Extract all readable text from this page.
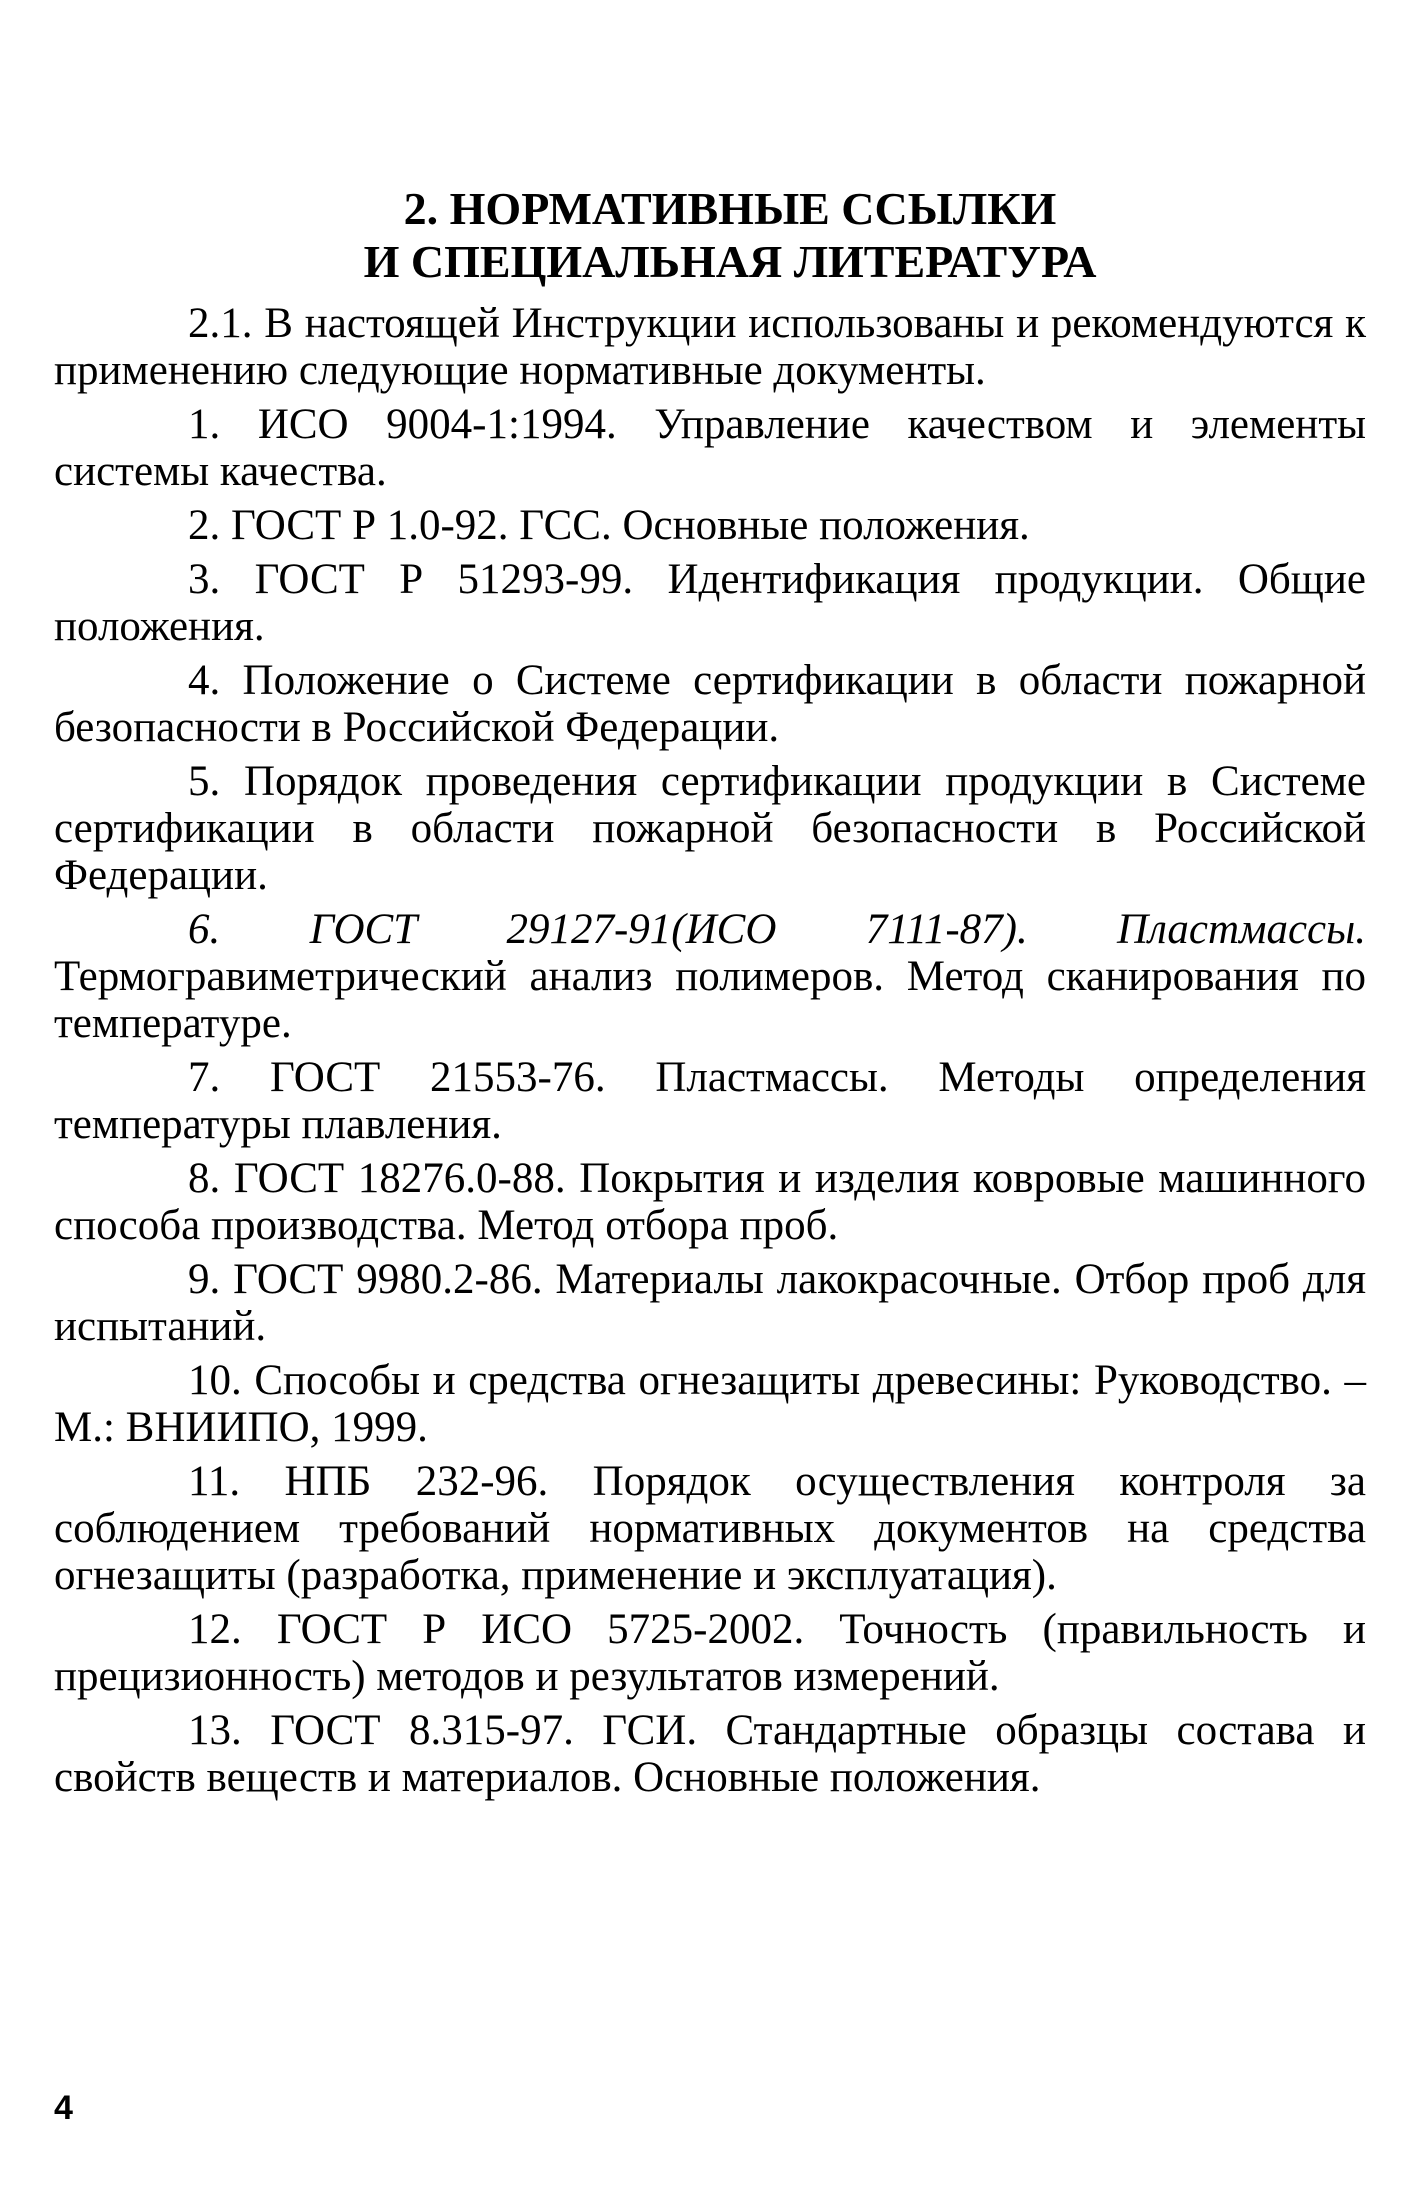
2. НОРМАТИВНЫЕ ССЫЛКИ
И СПЕЦИАЛЬНАЯ ЛИТЕРАТУРА

2.1. В настоящей Инструкции использованы и рекомендуются к применению следующие нормативные документы.

1. ИСО 9004-1:1994. Управление качеством и элементы системы качества.

2. ГОСТ Р 1.0-92. ГСС. Основные положения.

3. ГОСТ Р 51293-99. Идентификация продукции. Общие положения.

4. Положение о Системе сертификации в области пожарной безопасности в Российской Федерации.

5. Порядок проведения сертификации продукции в Системе сертификации в области пожарной безопасности в Российской Федерации.

6. ГОСТ 29127-91(ИСО 7111-87). Пластмассы. Термогравиметрический анализ полимеров. Метод сканирования по температуре.

7. ГОСТ 21553-76. Пластмассы. Методы определения температуры плавления.

8. ГОСТ 18276.0-88. Покрытия и изделия ковровые машинного способа производства. Метод отбора проб.

9. ГОСТ 9980.2-86. Материалы лакокрасочные. Отбор проб для испытаний.

10. Способы и средства огнезащиты древесины: Руководство. – М.: ВНИИПО, 1999.

11. НПБ 232-96. Порядок осуществления контроля за соблюдением требований нормативных документов на средства огнезащиты (разработка, применение и эксплуатация).

12. ГОСТ Р ИСО 5725-2002. Точность (правильность и прецизионность) методов и результатов измерений.

13. ГОСТ 8.315-97. ГСИ. Стандартные образцы состава и свойств веществ и материалов. Основные положения.

4
